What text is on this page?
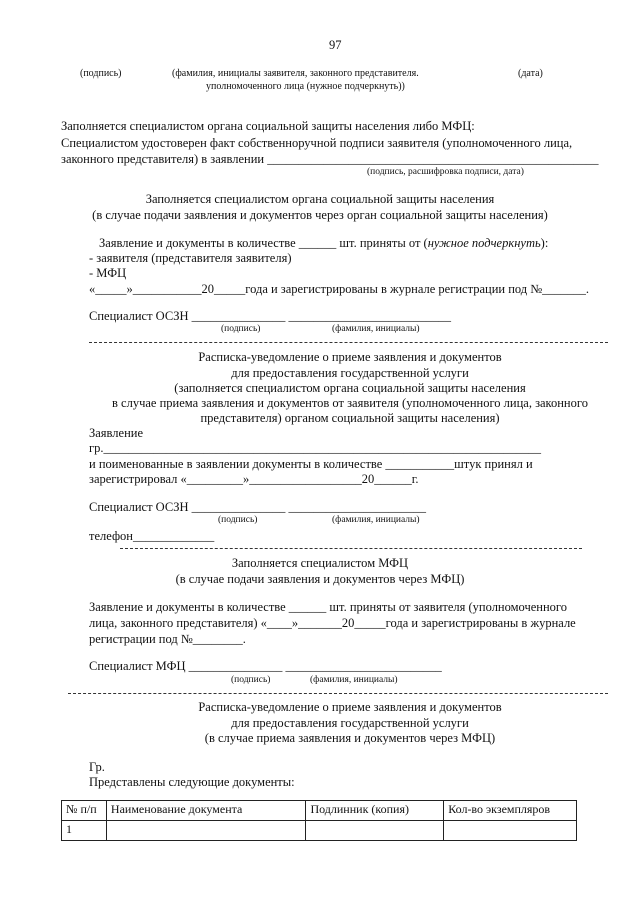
97
(подпись)	(фамилия, инициалы заявителя, законного представителя.	(дата)
уполномоченного лица (нужное подчеркнуть))
Заполняется специалистом органа социальной защиты населения либо МФЦ:
Специалистом удостоверен факт собственноручной подписи заявителя (уполномоченного лица,
законного представителя) в заявлении _____________________________________________________
(подпись, расшифровка подписи, дата)
Заполняется специалистом органа социальной защиты населения
(в случае подачи заявления и документов через орган социальной защиты населения)
Заявление и документы в количестве ______ шт. приняты от (нужное подчеркнуть):
- заявителя (представителя заявителя)
- МФЦ
«_____»___________20_____года и зарегистрированы в журнале регистрации под №_______.
Специалист ОСЗН _______________ __________________________
(подпись)	(фамилия, инициалы)
Расписка-уведомление о приеме заявления и документов
для предоставления государственной услуги
(заполняется специалистом органа социальной защиты населения
в случае приема заявления и документов от заявителя (уполномоченного лица, законного
представителя) органом социальной защиты населения)
Заявление
гр.______________________________________________________________________
и поименованные в заявлении документы в количестве ___________штук принял и
зарегистрировал «_________»__________________20______г.
Специалист ОСЗН _______________ ______________________
(подпись)	(фамилия, инициалы)
телефон_____________
Заполняется специалистом МФЦ
(в случае подачи заявления и документов через МФЦ)
Заявление и документы в количестве ______ шт. приняты от заявителя (уполномоченного
лица, законного представителя) «____»_______20_____года и зарегистрированы в журнале
регистрации под №________.
Специалист МФЦ _______________ _________________________
(подпись)	(фамилия, инициалы)
Расписка-уведомление о приеме заявления и документов
для предоставления государственной услуги
(в случае приема заявления и документов через МФЦ)
Гр.
Представлены следующие документы:
№ п/п	Наименование документа	Подлинник (копия)	Кол-во экземпляров
1			
